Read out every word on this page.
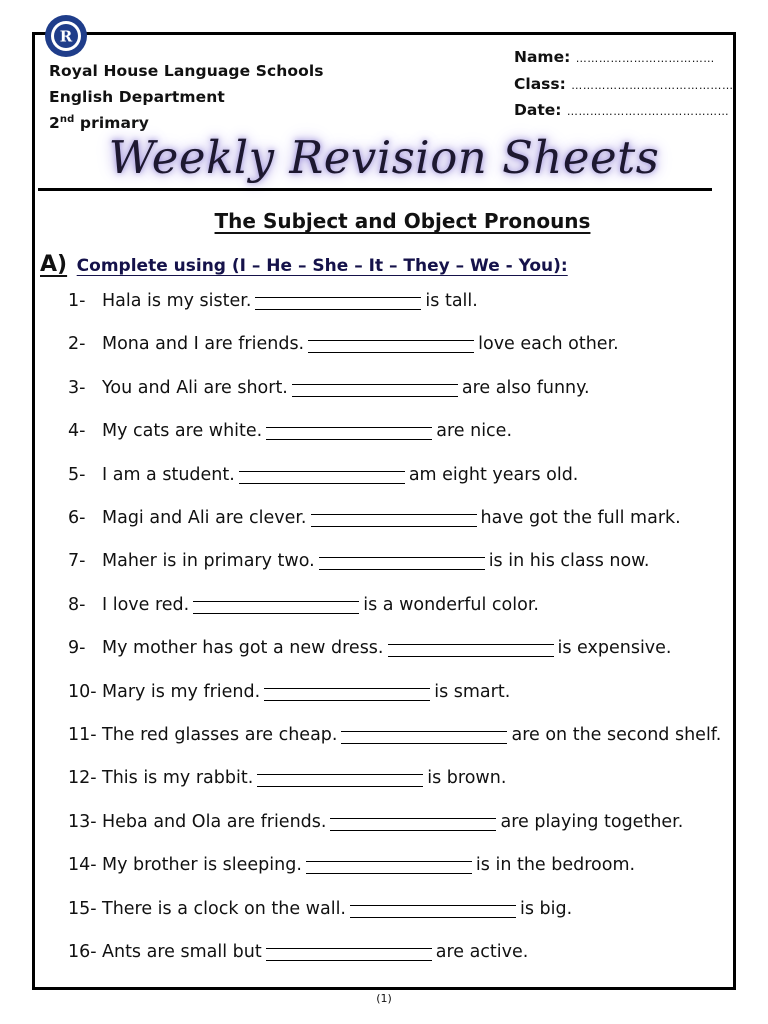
R
Royal House Language Schools
English Department
2nd primary
Name: ………………………………
Class: ……………………………………
Date: ……………………………………
Weekly Revision Sheets
The Subject and Object Pronouns
A) Complete using (I – He – She – It – They – We - You):
1- Hala is my sister.	is tall.
2- Mona and I are friends.	love each other.
3- You and Ali are short.	are also funny.
4- My cats are white.	are nice.
5- I am a student.	am eight years old.
6- Magi and Ali are clever.	have got the full mark.
7- Maher is in primary two.	is in his class now.
8- I love red.	is a wonderful color.
9- My mother has got a new dress.	is expensive.
10- Mary is my friend.	is smart.
11- The red glasses are cheap.	are on the second shelf.
12- This is my rabbit.	is brown.
13- Heba and Ola are friends.	are playing together.
14- My brother is sleeping.	is in the bedroom.
15- There is a clock on the wall.	is big.
16- Ants are small but	are active.
(1)
